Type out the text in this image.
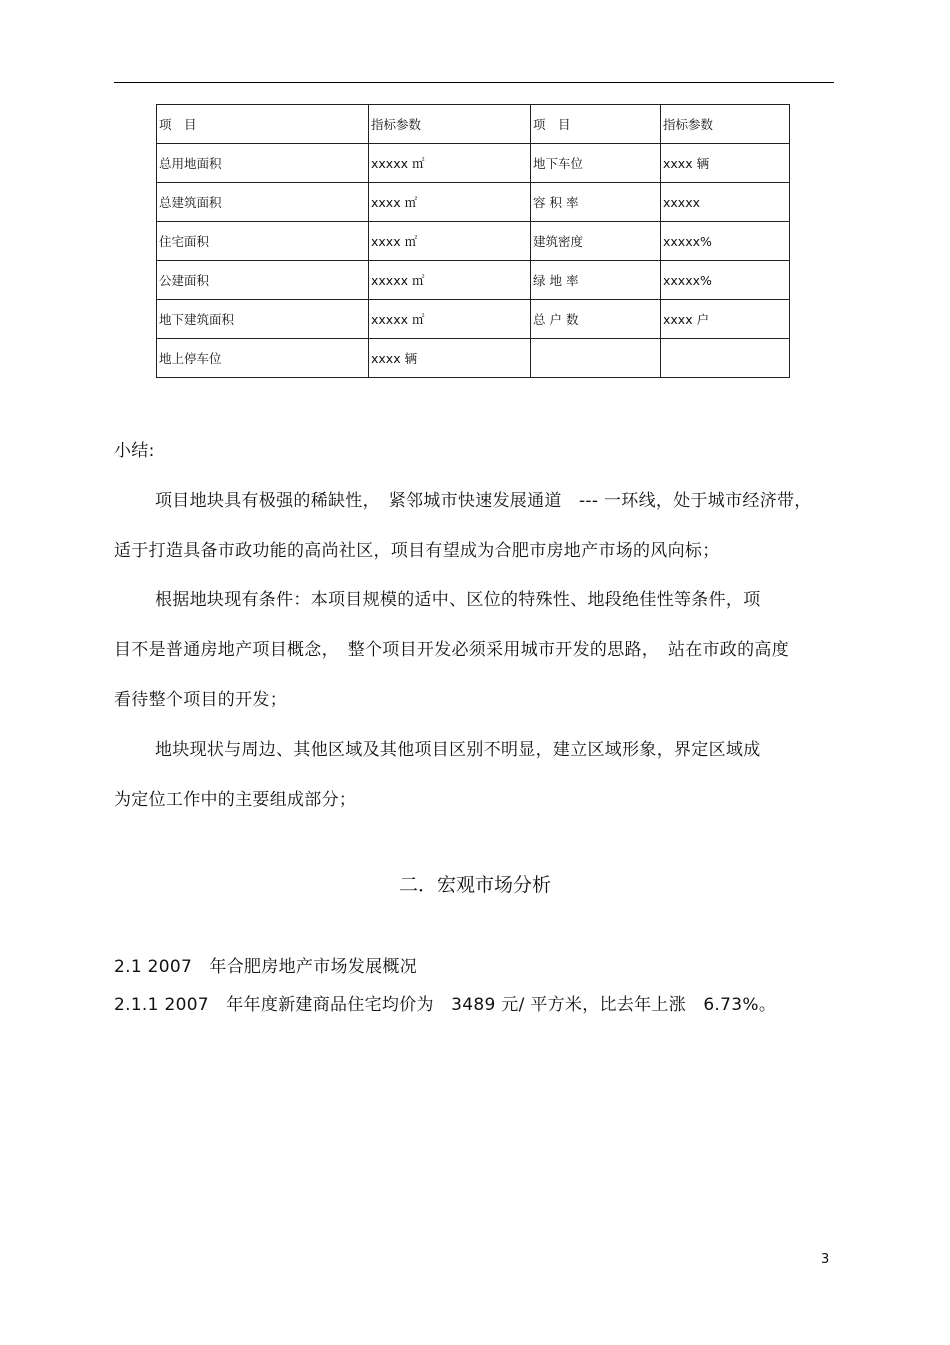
项　目	指标参数	项　目	指标参数
总用地面积	xxxxx ㎡	地下车位	xxxx 辆
总建筑面积	xxxx ㎡	容 积 率	xxxxx
住宅面积	xxxx ㎡	建筑密度	xxxxx%
公建面积	xxxxx ㎡	绿 地 率	xxxxx%
地下建筑面积	xxxxx ㎡	总 户 数	xxxx 户
地上停车位	xxxx 辆		
小结:
项目地块具有极强的稀缺性，　紧邻城市快速发展通道　--- 一环线，处于城市经济带，
适于打造具备市政功能的高尚社区，项目有望成为合肥市房地产市场的风向标；
根据地块现有条件：本项目规模的适中、区位的特殊性、地段绝佳性等条件，项
目不是普通房地产项目概念，　整个项目开发必须采用城市开发的思路，　站在市政的高度
看待整个项目的开发；
地块现状与周边、其他区域及其他项目区别不明显，建立区域形象，界定区域成
为定位工作中的主要组成部分；
二．宏观市场分析
2.1 2007　年合肥房地产市场发展概况
2.1.1 2007　年年度新建商品住宅均价为　3489 元/ 平方米，比去年上涨　6.73%。
3
